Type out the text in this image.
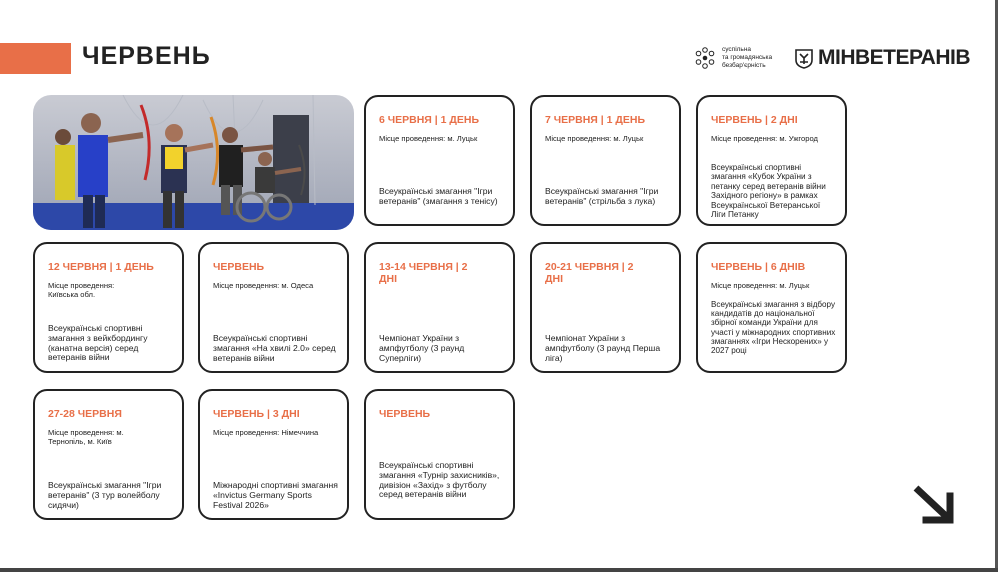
ЧЕРВЕНЬ	суспільна
та громадянська
безбар'єрність	МІНВЕТЕРАНІВ
6 ЧЕРВНЯ | 1 ДЕНЬ
Місце проведення: м. Луцьк
Всеукраїнські змагання "Ігри ветеранів" (змагання з тенісу)
7 ЧЕРВНЯ | 1 ДЕНЬ
Місце проведення: м. Луцьк
Всеукраїнські змагання "Ігри ветеранів" (стрільба з лука)
ЧЕРВЕНЬ | 2 ДНІ
Місце проведення: м. Ужгород
Всеукраїнські спортивні змагання «Кубок України з петанку серед ветеранів війни Західного регіону» в рамках Всеукраїнської Ветеранської Ліги Петанку
12 ЧЕРВНЯ | 1 ДЕНЬ
Місце проведення: Київська обл.
Всеукраїнські спортивні змагання з вейкбордингу (канатна версія) серед ветеранів війни
ЧЕРВЕНЬ
Місце проведення: м. Одеса
Всеукраїнські спортивні змагання «На хвилі 2.0» серед ветеранів війни
13-14 ЧЕРВНЯ | 2 ДНІ
Чемпіонат України з ампфутболу (3 раунд Суперліги)
20-21 ЧЕРВНЯ | 2 ДНІ
Чемпіонат України з ампфутболу (3 раунд Перша ліга)
ЧЕРВЕНЬ | 6 ДНІВ
Місце проведення: м. Луцьк
Всеукраїнські змагання з відбору кандидатів до національної збірної команди України для участі у міжнародних спортивних змаганнях «Ігри Нескорених» у 2027 році
27-28 ЧЕРВНЯ
Місце проведення: м. Тернопіль, м. Київ
Всеукраїнські змагання "Ігри ветеранів" (3 тур волейболу сидячи)
ЧЕРВЕНЬ | 3 ДНІ
Місце проведення: Німеччина
Міжнародні спортивні змагання «Invictus Germany Sports Festival 2026»
ЧЕРВЕНЬ
Всеукраїнські спортивні змагання «Турнір захисників», дивізіон «Захід» з футболу серед ветеранів війни
